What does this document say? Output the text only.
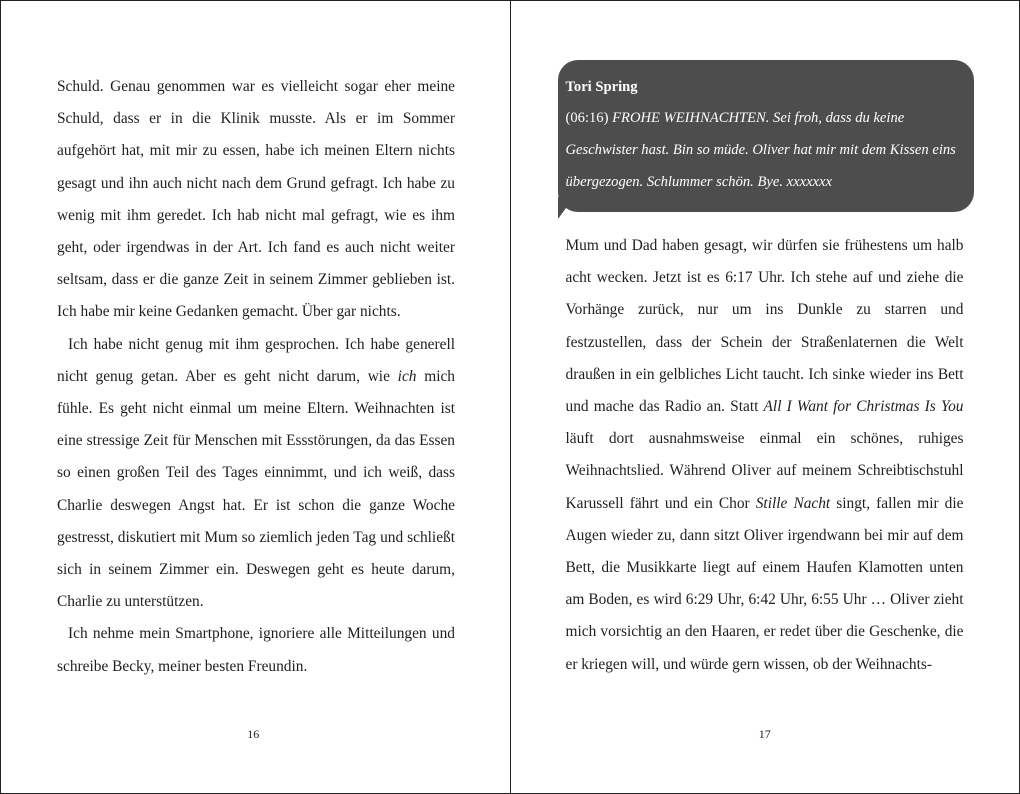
Schuld. Genau genommen war es vielleicht sogar eher meine Schuld, dass er in die Klinik musste. Als er im Sommer aufgehört hat, mit mir zu essen, habe ich meinen Eltern nichts gesagt und ihn auch nicht nach dem Grund gefragt. Ich habe zu wenig mit ihm geredet. Ich hab nicht mal gefragt, wie es ihm geht, oder irgendwas in der Art. Ich fand es auch nicht weiter seltsam, dass er die ganze Zeit in seinem Zimmer geblieben ist. Ich habe mir keine Gedanken gemacht. Über gar nichts.

Ich habe nicht genug mit ihm gesprochen. Ich habe generell nicht genug getan. Aber es geht nicht darum, wie ich mich fühle. Es geht nicht einmal um meine Eltern. Weihnachten ist eine stressige Zeit für Menschen mit Essstörungen, da das Essen so einen großen Teil des Tages einnimmt, und ich weiß, dass Charlie deswegen Angst hat. Er ist schon die ganze Woche gestresst, diskutiert mit Mum so ziemlich jeden Tag und schließt sich in seinem Zimmer ein. Deswegen geht es heute darum, Charlie zu unterstützen.

Ich nehme mein Smartphone, ignoriere alle Mitteilungen und schreibe Becky, meiner besten Freundin.

16
Tori Spring
(06:16) FROHE WEIHNACHTEN. Sei froh, dass du keine Geschwister hast. Bin so müde. Oliver hat mir mit dem Kissen eins übergezogen. Schlummer schön. Bye. xxxxxxx

Mum und Dad haben gesagt, wir dürfen sie frühestens um halb acht wecken. Jetzt ist es 6:17 Uhr. Ich stehe auf und ziehe die Vorhänge zurück, nur um ins Dunkle zu starren und festzustellen, dass der Schein der Straßenlaternen die Welt draußen in ein gelbliches Licht taucht. Ich sinke wieder ins Bett und mache das Radio an. Statt All I Want for Christmas Is You läuft dort ausnahmsweise einmal ein schönes, ruhiges Weihnachtslied. Während Oliver auf meinem Schreibtischstuhl Karussell fährt und ein Chor Stille Nacht singt, fallen mir die Augen wieder zu, dann sitzt Oliver irgendwann bei mir auf dem Bett, die Musikkarte liegt auf einem Haufen Klamotten unten am Boden, es wird 6:29 Uhr, 6:42 Uhr, 6:55 Uhr … Oliver zieht mich vorsichtig an den Haaren, er redet über die Geschenke, die er kriegen will, und würde gern wissen, ob der Weihnachts-

17
